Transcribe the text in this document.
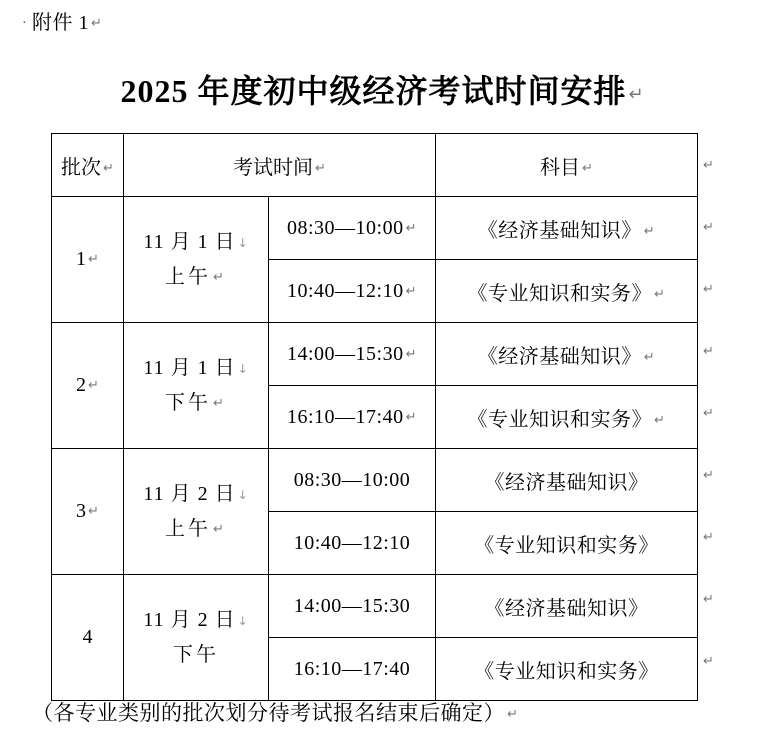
· 附件 1 ↵
2025 年度初中级经济考试时间安排 ↵
批次 ↵	考试时间 ↵		科目 ↵
1 ↵	11 月 1 日 ↓
上午 ↵	08:30—10:00 ↵	《经济基础知识》 ↵
		10:40—12:10 ↵	《专业知识和实务》 ↵
2 ↵	11 月 1 日 ↓
下午 ↵	14:00—15:30 ↵	《经济基础知识》 ↵
		16:10—17:40 ↵	《专业知识和实务》 ↵
3 ↵	11 月 2 日 ↓
上午 ↵	08:30—10:00	《经济基础知识》
		10:40—12:10	《专业知识和实务》
4	11 月 2 日 ↓
下午	14:00—15:30	《经济基础知识》
		16:10—17:40	《专业知识和实务》
↵
↵
↵
↵
↵
↵
↵
↵
↵
（各专业类别的批次划分待考试报名结束后确定） ↵
